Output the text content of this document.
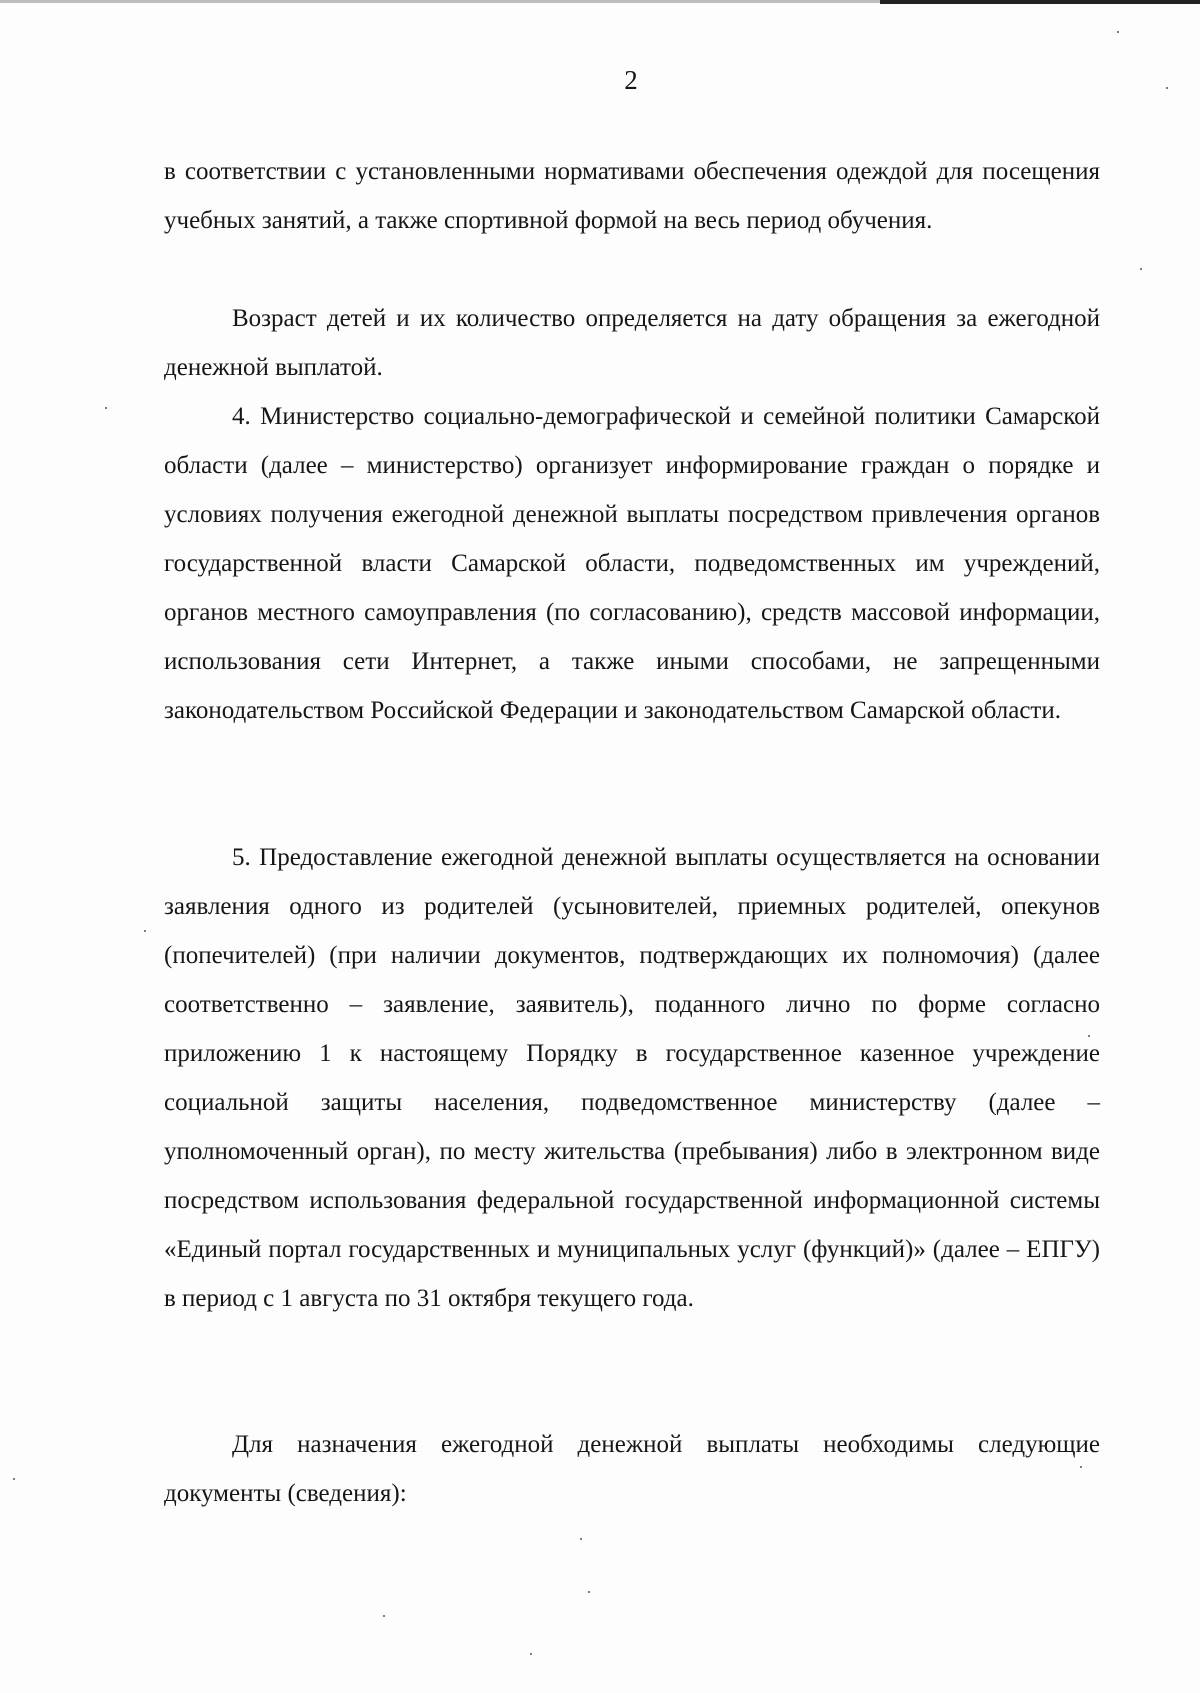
2

в соответствии с установленными нормативами обеспечения одеждой для посещения учебных занятий, а также спортивной формой на весь период обучения.

Возраст детей и их количество определяется на дату обращения за ежегодной денежной выплатой.

4. Министерство социально-демографической и семейной политики Самарской области (далее – министерство) организует информирование граждан о порядке и условиях получения ежегодной денежной выплаты посредством привлечения органов государственной власти Самарской области, подведомственных им учреждений, органов местного самоуправления (по согласованию), средств массовой информации, использования сети Интернет, а также иными способами, не запрещенными законодательством Российской Федерации и законодательством Самарской области.

5. Предоставление ежегодной денежной выплаты осуществляется на основании заявления одного из родителей (усыновителей, приемных родителей, опекунов (попечителей) (при наличии документов, подтверждающих их полномочия) (далее соответственно – заявление, заявитель), поданного лично по форме согласно приложению 1 к настоящему Порядку в государственное казенное учреждение социальной защиты населения, подведомственное министерству (далее – уполномоченный орган), по месту жительства (пребывания) либо в электронном виде посредством использования федеральной государственной информационной системы «Единый портал государственных и муниципальных услуг (функций)» (далее – ЕПГУ) в период с 1 августа по 31 октября текущего года.

Для назначения ежегодной денежной выплаты необходимы следующие документы (сведения):
